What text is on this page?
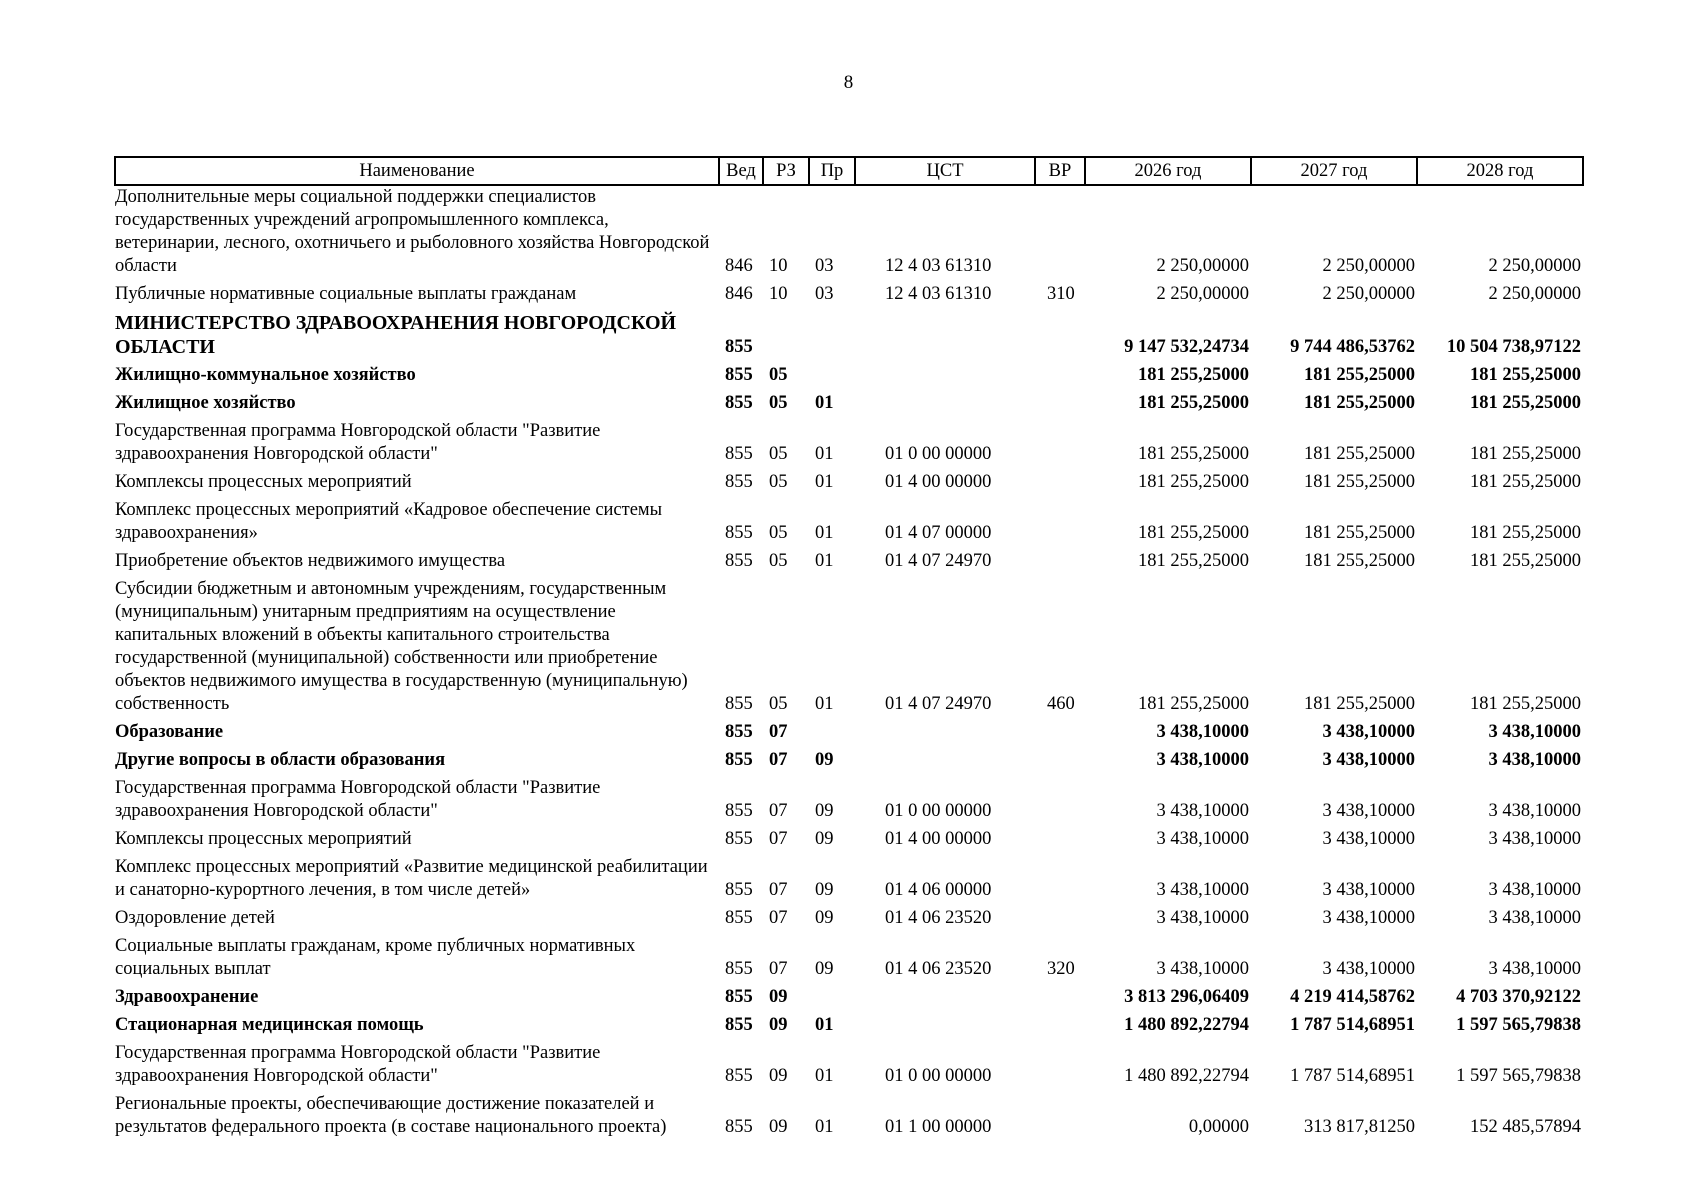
8
Наименование	Вед	РЗ	Пр	ЦСТ	ВР	2026 год	2027 год	2028 год
Дополнительные меры социальной поддержки специалистов государственных учреждений агропромышленного комплекса, ветеринарии, лесного, охотничьего и рыболовного хозяйства Новгородской области	846	10	03	12 4 03 61310		2 250,00000	2 250,00000	2 250,00000
Публичные нормативные социальные выплаты гражданам	846	10	03	12 4 03 61310	310	2 250,00000	2 250,00000	2 250,00000
МИНИСТЕРСТВО ЗДРАВООХРАНЕНИЯ НОВГОРОДСКОЙ ОБЛАСТИ	855					9 147 532,24734	9 744 486,53762	10 504 738,97122
Жилищно-коммунальное хозяйство	855	05				181 255,25000	181 255,25000	181 255,25000
Жилищное хозяйство	855	05	01			181 255,25000	181 255,25000	181 255,25000
Государственная программа Новгородской области "Развитие здравоохранения Новгородской области"	855	05	01	01 0 00 00000		181 255,25000	181 255,25000	181 255,25000
Комплексы процессных мероприятий	855	05	01	01 4 00 00000		181 255,25000	181 255,25000	181 255,25000
Комплекс процессных мероприятий «Кадровое обеспечение системы здравоохранения»	855	05	01	01 4 07 00000		181 255,25000	181 255,25000	181 255,25000
Приобретение объектов недвижимого имущества	855	05	01	01 4 07 24970		181 255,25000	181 255,25000	181 255,25000
Субсидии бюджетным и автономным учреждениям, государственным (муниципальным) унитарным предприятиям на осуществление капитальных вложений в объекты капитального строительства государственной (муниципальной) собственности или приобретение объектов недвижимого имущества в государственную (муниципальную) собственность	855	05	01	01 4 07 24970	460	181 255,25000	181 255,25000	181 255,25000
Образование	855	07				3 438,10000	3 438,10000	3 438,10000
Другие вопросы в области образования	855	07	09			3 438,10000	3 438,10000	3 438,10000
Государственная программа Новгородской области "Развитие здравоохранения Новгородской области"	855	07	09	01 0 00 00000		3 438,10000	3 438,10000	3 438,10000
Комплексы процессных мероприятий	855	07	09	01 4 00 00000		3 438,10000	3 438,10000	3 438,10000
Комплекс процессных мероприятий «Развитие медицинской реабилитации и санаторно-курортного лечения, в том числе детей»	855	07	09	01 4 06 00000		3 438,10000	3 438,10000	3 438,10000
Оздоровление детей	855	07	09	01 4 06 23520		3 438,10000	3 438,10000	3 438,10000
Социальные выплаты гражданам, кроме публичных нормативных социальных выплат	855	07	09	01 4 06 23520	320	3 438,10000	3 438,10000	3 438,10000
Здравоохранение	855	09				3 813 296,06409	4 219 414,58762	4 703 370,92122
Стационарная медицинская помощь	855	09	01			1 480 892,22794	1 787 514,68951	1 597 565,79838
Государственная программа Новгородской области "Развитие здравоохранения Новгородской области"	855	09	01	01 0 00 00000		1 480 892,22794	1 787 514,68951	1 597 565,79838
Региональные проекты, обеспечивающие достижение показателей и результатов федерального проекта (в составе национального проекта)	855	09	01	01 1 00 00000		0,00000	313 817,81250	152 485,57894
